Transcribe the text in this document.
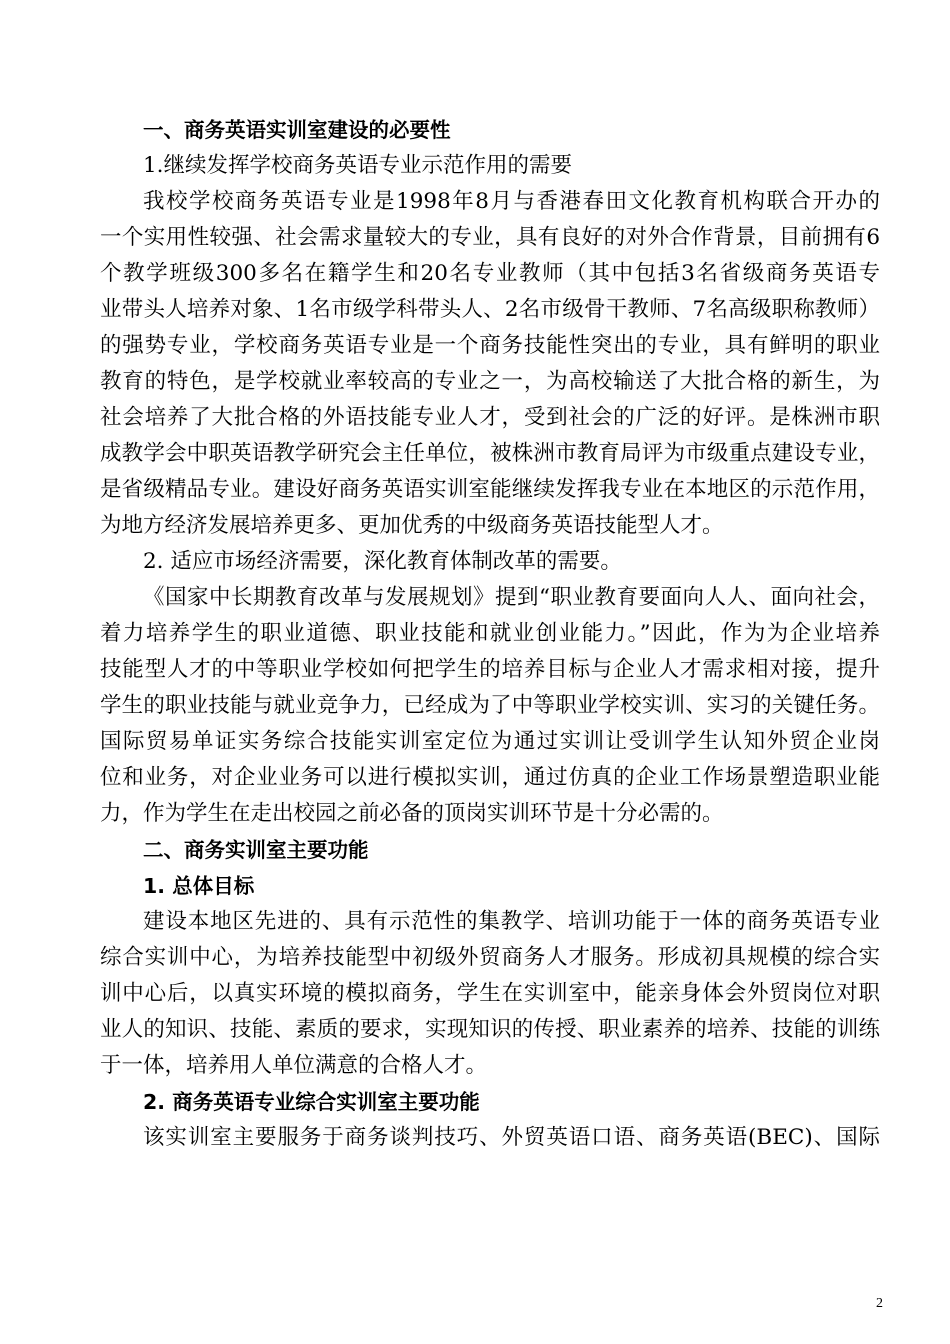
一、商务英语实训室建设的必要性
1.继续发挥学校商务英语专业示范作用的需要
我校学校商务英语专业是1998年8月与香港春田文化教育机构联合开办的
一个实用性较强、社会需求量较大的专业，具有良好的对外合作背景，目前拥有6
个教学班级300多名在籍学生和20名专业教师（其中包括3名省级商务英语专
业带头人培养对象、1名市级学科带头人、2名市级骨干教师、7名高级职称教师）
的强势专业，学校商务英语专业是一个商务技能性突出的专业，具有鲜明的职业
教育的特色，是学校就业率较高的专业之一，为高校输送了大批合格的新生，为
社会培养了大批合格的外语技能专业人才，受到社会的广泛的好评。是株洲市职
成教学会中职英语教学研究会主任单位，被株洲市教育局评为市级重点建设专业，
是省级精品专业。建设好商务英语实训室能继续发挥我专业在本地区的示范作用，
为地方经济发展培养更多、更加优秀的中级商务英语技能型人才。
2. 适应市场经济需要，深化教育体制改革的需要。
《国家中长期教育改革与发展规划》提到“职业教育要面向人人、面向社会，
着力培养学生的职业道德、职业技能和就业创业能力。”因此，作为为企业培养
技能型人才的中等职业学校如何把学生的培养目标与企业人才需求相对接，提升
学生的职业技能与就业竞争力，已经成为了中等职业学校实训、实习的关键任务。
国际贸易单证实务综合技能实训室定位为通过实训让受训学生认知外贸企业岗
位和业务，对企业业务可以进行模拟实训，通过仿真的企业工作场景塑造职业能
力，作为学生在走出校园之前必备的顶岗实训环节是十分必需的。
二、商务实训室主要功能
1. 总体目标
建设本地区先进的、具有示范性的集教学、培训功能于一体的商务英语专业
综合实训中心，为培养技能型中初级外贸商务人才服务。形成初具规模的综合实
训中心后，以真实环境的模拟商务，学生在实训室中，能亲身体会外贸岗位对职
业人的知识、技能、素质的要求，实现知识的传授、职业素养的培养、技能的训练
于一体，培养用人单位满意的合格人才。
2. 商务英语专业综合实训室主要功能
该实训室主要服务于商务谈判技巧、外贸英语口语、商务英语(BEC)、国际
2
